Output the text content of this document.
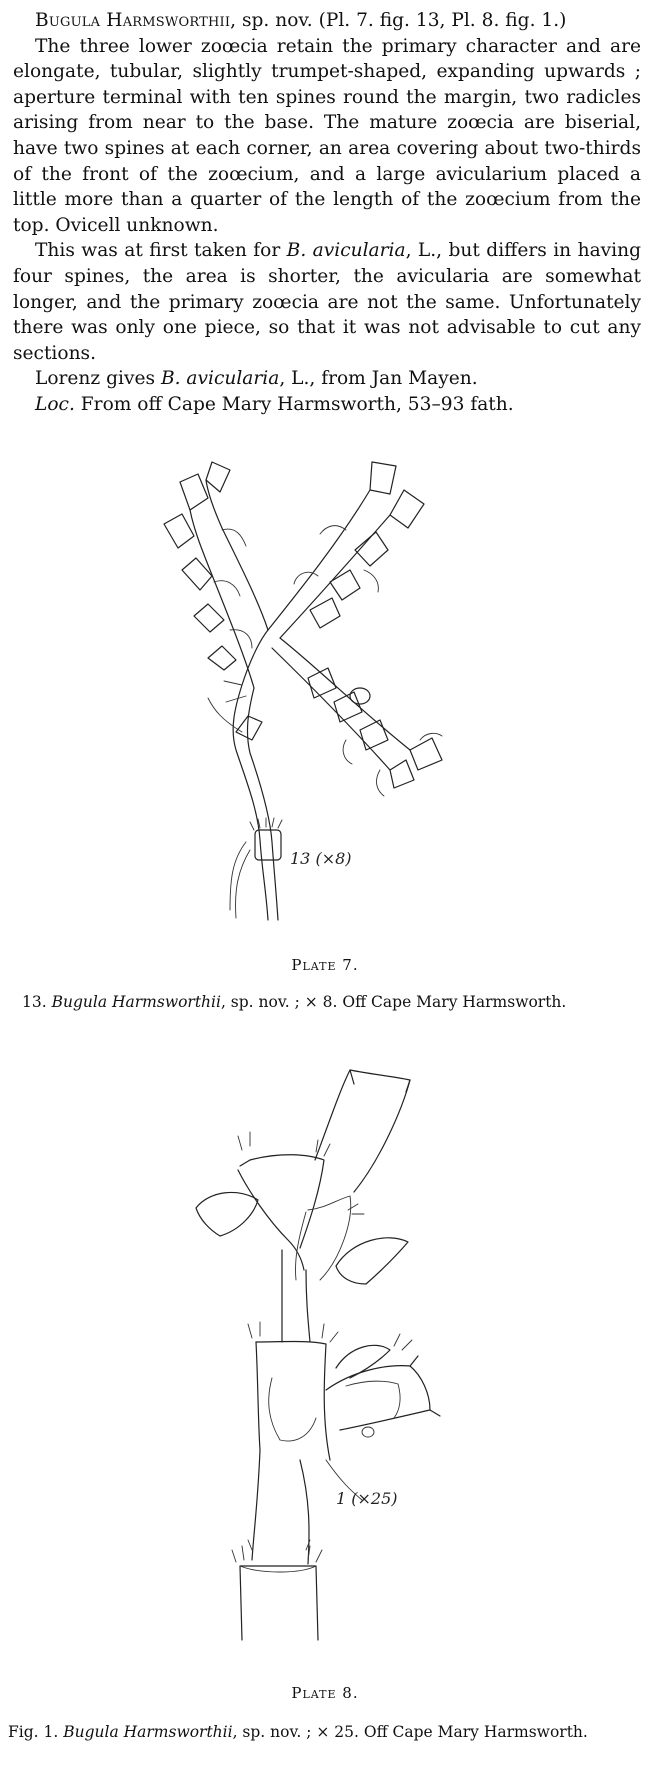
Bugula Harmsworthii, sp. nov. (Pl. 7. fig. 13, Pl. 8. fig. 1.)

The three lower zoœcia retain the primary character and are elongate, tubular, slightly trumpet-shaped, expanding upwards ; aperture terminal with ten spines round the margin, two radicles arising from near to the base. The mature zoœcia are biserial, have two spines at each corner, an area covering about two-thirds of the front of the zoœcium, and a large avicularium placed a little more than a quarter of the length of the zoœcium from the top. Ovicell unknown.

This was at first taken for B. avicularia, L., but differs in having four spines, the area is shorter, the avicularia are somewhat longer, and the primary zoœcia are not the same. Unfortunately there was only one piece, so that it was not advisable to cut any sections.

Lorenz gives B. avicularia, L., from Jan Mayen.

Loc. From off Cape Mary Harmsworth, 53–93 fath.

13 (×8)
Plate 7.
13. Bugula Harmsworthii, sp. nov. ; × 8. Off Cape Mary Harmsworth.
1 (×25)
Plate 8.
Fig. 1. Bugula Harmsworthii, sp. nov. ; × 25. Off Cape Mary Harmsworth.
